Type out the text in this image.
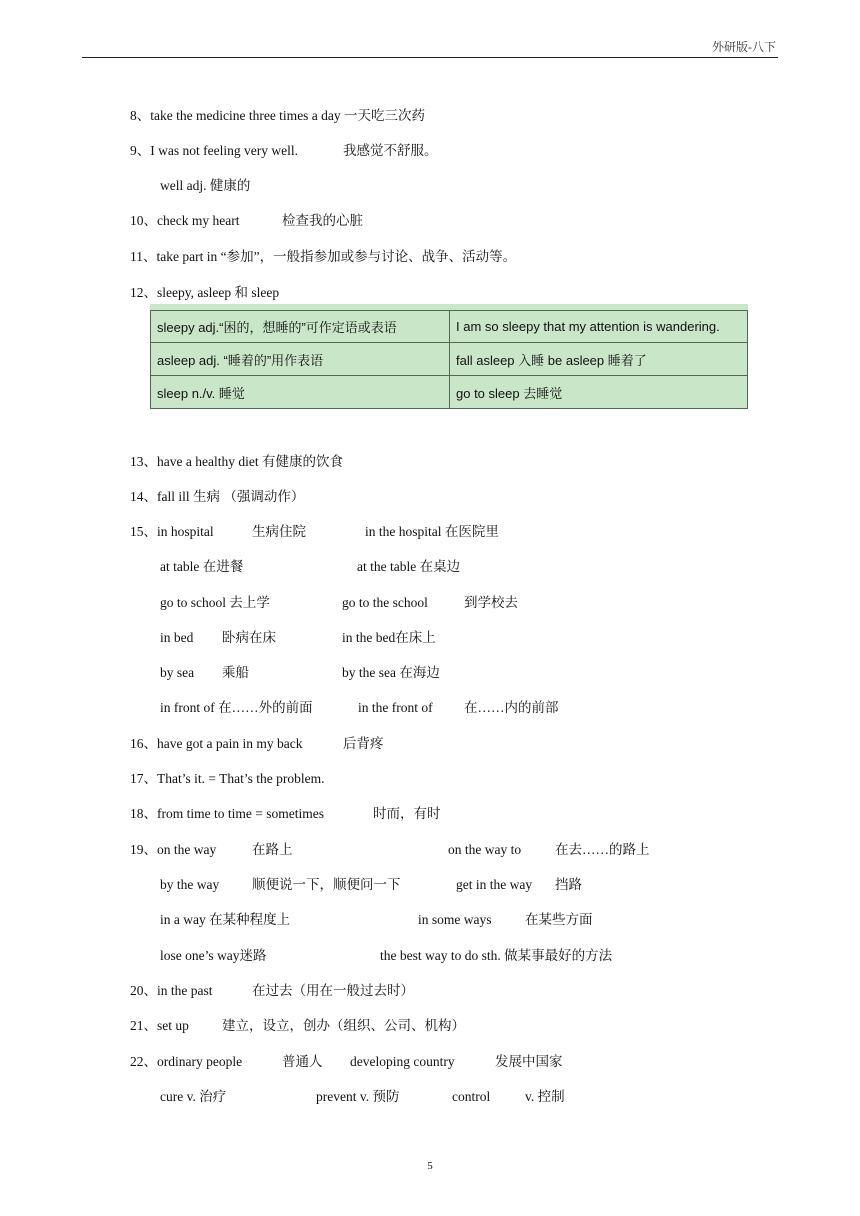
外研版-八下
8、take the medicine three times a day 一天吃三次药
9、I was not feeling very well.	我感觉不舒服。
well adj. 健康的
10、check my heart	检查我的心脏
11、take part in “参加”，一般指参加或参与讨论、战争、活动等。
12、sleepy, asleep 和 sleep
sleepy adj.“困的，想睡的”可作定语或表语	I am so sleepy that my attention is wandering.
asleep adj. “睡着的”用作表语	fall asleep 入睡 be asleep 睡着了
sleep n./v. 睡觉	go to sleep 去睡觉
13、have a healthy diet 有健康的饮食
14、fall ill 生病 （强调动作）
15、in hospital	生病住院	in the hospital 在医院里
at table 在进餐	at the table 在桌边
go to school 去上学	go to the school	到学校去
in bed 卧病在床	in the bed在床上
by sea 乘船	by the sea 在海边
in front of 在……外的前面	in the front of 在……内的前部
16、have got a pain in my back	后背疼
17、That’s it. = That’s the problem.
18、from time to time = sometimes	时而，有时
19、on the way	在路上	on the way to	在去……的路上
by the way 顺便说一下，顺便问一下	get in the way 挡路
in a way 在某种程度上	in some ways 在某些方面
lose one’s way迷路	the best way to do sth. 做某事最好的方法
20、in the past	在过去（用在一般过去时）
21、set up 建立，设立，创办（组织、公司、机构）
22、ordinary people	普通人 developing country	发展中国家
cure v. 治疗	prevent v. 预防	control	v. 控制
5
